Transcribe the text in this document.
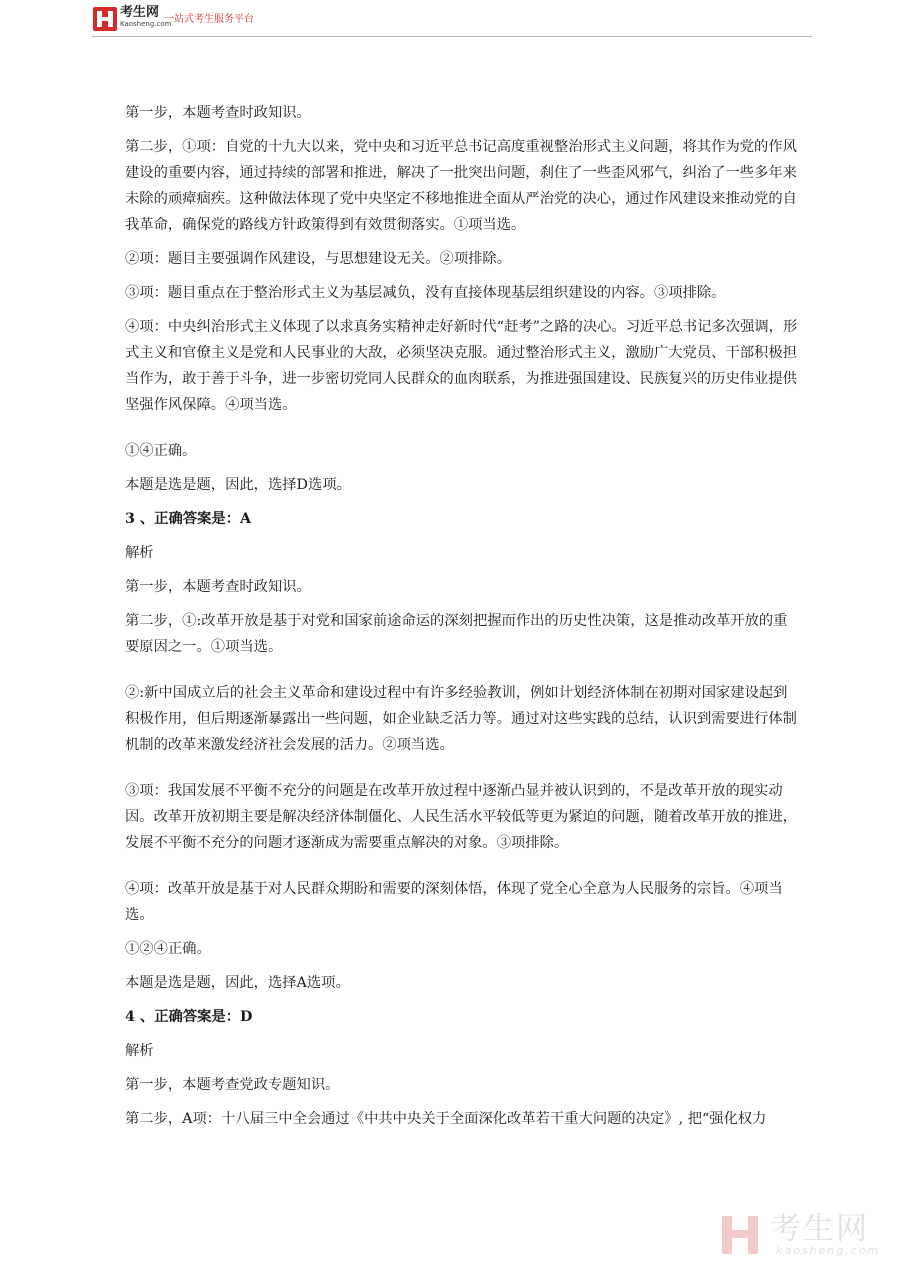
考生网
Kaosheng.com
一站式考生服务平台

第一步，本题考查时政知识。

第二步，①项：自党的十九大以来，党中央和习近平总书记高度重视整治形式主义问题，将其作为党的作风建设的重要内容，通过持续的部署和推进，解决了一批突出问题，刹住了一些歪风邪气，纠治了一些多年来未除的顽瘴痼疾。这种做法体现了党中央坚定不移地推进全面从严治党的决心，通过作风建设来推动党的自我革命，确保党的路线方针政策得到有效贯彻落实。①项当选。

②项：题目主要强调作风建设，与思想建设无关。②项排除。

③项：题目重点在于整治形式主义为基层减负，没有直接体现基层组织建设的内容。③项排除。

④项：中央纠治形式主义体现了以求真务实精神走好新时代“赶考”之路的决心。习近平总书记多次强调，形式主义和官僚主义是党和人民事业的大敌，必须坚决克服。通过整治形式主义，激励广大党员、干部积极担当作为，敢于善于斗争，进一步密切党同人民群众的血肉联系，为推进强国建设、民族复兴的历史伟业提供坚强作风保障。④项当选。

①④正确。

本题是选是题，因此，选择D选项。

3 、正确答案是：A

解析

第一步，本题考查时政知识。

第二步，①:改革开放是基于对党和国家前途命运的深刻把握而作出的历史性决策，这是推动改革开放的重要原因之一。①项当选。

②:新中国成立后的社会主义革命和建设过程中有许多经验教训，例如计划经济体制在初期对国家建设起到积极作用，但后期逐渐暴露出一些问题，如企业缺乏活力等。通过对这些实践的总结，认识到需要进行体制机制的改革来激发经济社会发展的活力。②项当选。

③项：我国发展不平衡不充分的问题是在改革开放过程中逐渐凸显并被认识到的，不是改革开放的现实动因。改革开放初期主要是解决经济体制僵化、人民生活水平较低等更为紧迫的问题，随着改革开放的推进，发展不平衡不充分的问题才逐渐成为需要重点解决的对象。③项排除。

④项：改革开放是基于对人民群众期盼和需要的深刻体悟，体现了党全心全意为人民服务的宗旨。④项当选。

①②④正确。

本题是选是题，因此，选择A选项。

4 、正确答案是：D

解析

第一步，本题考查党政专题知识。

第二步，A项：十八届三中全会通过《中共中央关于全面深化改革若干重大问题的决定》, 把“强化权力

考生网
kaosheng.com
